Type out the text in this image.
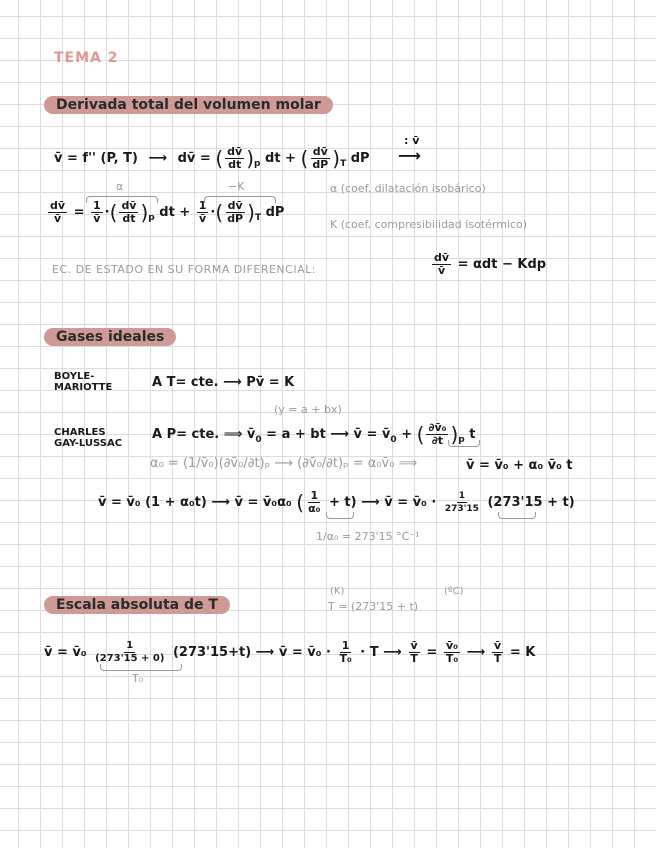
TEMA 2
Derivada total del volumen molar
v̄ = f'' (P, T) ⟶ dv̄ = ( $\frac{dv̄}{dt} )_p$ dt + ( $\frac{dv̄}{dP} )_T$ dP
: v̄
⟶
α	−K
$\frac{dv̄}{v̄} = \frac{1}{v̄}$ ·( $\frac{dv̄}{dt} )_p$ dt + $\frac{1}{v̄}$ ·( $\frac{dv̄}{dP} )_T$ dP
α (coef. dilatación isobárico)
K (coef. compresibilidad isotérmico)
EC. DE ESTADO EN SU FORMA DIFERENCIAL:	$\frac{dv̄}{v̄} = \alpha dt$ − Kdp
Gases ideales
BOYLE-
MARIOTTE	A T= cte. ⟶ Pv̄ = K
(y = a + bx)
CHARLES
GAY-LUSSAC
A P= cte. ⟹ $v̄_0 = a$ + bt ⟶ v̄ = $v̄_0$ + ( $\frac{\text{∂v̄₀}}{\partial t} )_p$ t
α₀ = (1/v̄₀)(∂v̄₀/∂t)ₚ ⟶ (∂v̄₀/∂t)ₚ = α₀v̄₀ ⟹	v̄ = v̄₀ + α₀ v̄₀ t
v̄ = v̄₀ (1 + α₀t) ⟶ v̄ = v̄₀α₀ ( $\frac{1}{\text{α₀}} + t$) ⟶ v̄ = v̄₀ · $\frac{1}{273'15} (273'15 + t)$
1/α₀ = 273'15 °C⁻¹
Escala absoluta de T
(K)	(ºC)
T = (273'15 + t)
v̄ = v̄₀ $\frac{1}{(273'15 + 0)} (273'15+t)$ ⟶ v̄ = v̄₀ · $\frac{1}{\text{T₀}} \cdot T$ ⟶ $\frac{v̄}{T} = \frac{\text{v̄₀}}{\text{T₀}}$ ⟶ $\frac{v̄}{T} = K$
T₀
